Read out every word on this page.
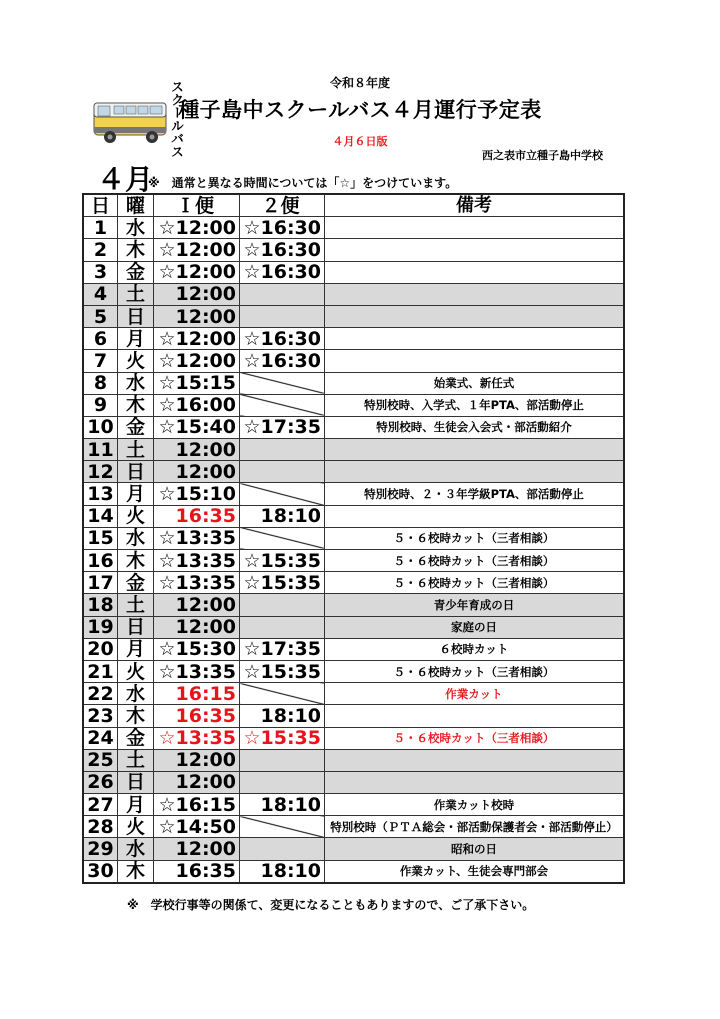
スクールバス	令和８年度
種子島中スクールバス４月運行予定表
４月６日版
西之表市立種子島中学校
４月
※　通常と異なる時間については「☆」をつけています。
日	曜	Ｉ便	２便	備考
1	水	☆12:00	☆16:30	
2	木	☆12:00	☆16:30	
3	金	☆12:00	☆16:30	
4	土	12:00		
5	日	12:00		
6	月	☆12:00	☆16:30	
7	火	☆12:00	☆16:30	
8	水	☆15:15		始業式、新任式
9	木	☆16:00		特別校時、入学式、１年PTA、部活動停止
10	金	☆15:40	☆17:35	特別校時、生徒会入会式・部活動紹介
11	土	12:00		
12	日	12:00		
13	月	☆15:10		特別校時、２・３年学級PTA、部活動停止
14	火	16:35	18:10	
15	水	☆13:35		５・６校時カット（三者相談）
16	木	☆13:35	☆15:35	５・６校時カット（三者相談）
17	金	☆13:35	☆15:35	５・６校時カット（三者相談）
18	土	12:00		青少年育成の日
19	日	12:00		家庭の日
20	月	☆15:30	☆17:35	６校時カット
21	火	☆13:35	☆15:35	５・６校時カット（三者相談）
22	水	16:15		作業カット
23	木	16:35	18:10	
24	金	☆13:35	☆15:35	５・６校時カット（三者相談）
25	土	12:00		
26	日	12:00		
27	月	☆16:15	18:10	作業カット校時
28	火	☆14:50		特別校時（ＰＴＡ総会・部活動保護者会・部活動停止）
29	水	12:00		昭和の日
30	木	16:35	18:10	作業カット、生徒会専門部会
※　学校行事等の関係て、変更になることもありますので、ご了承下さい。
